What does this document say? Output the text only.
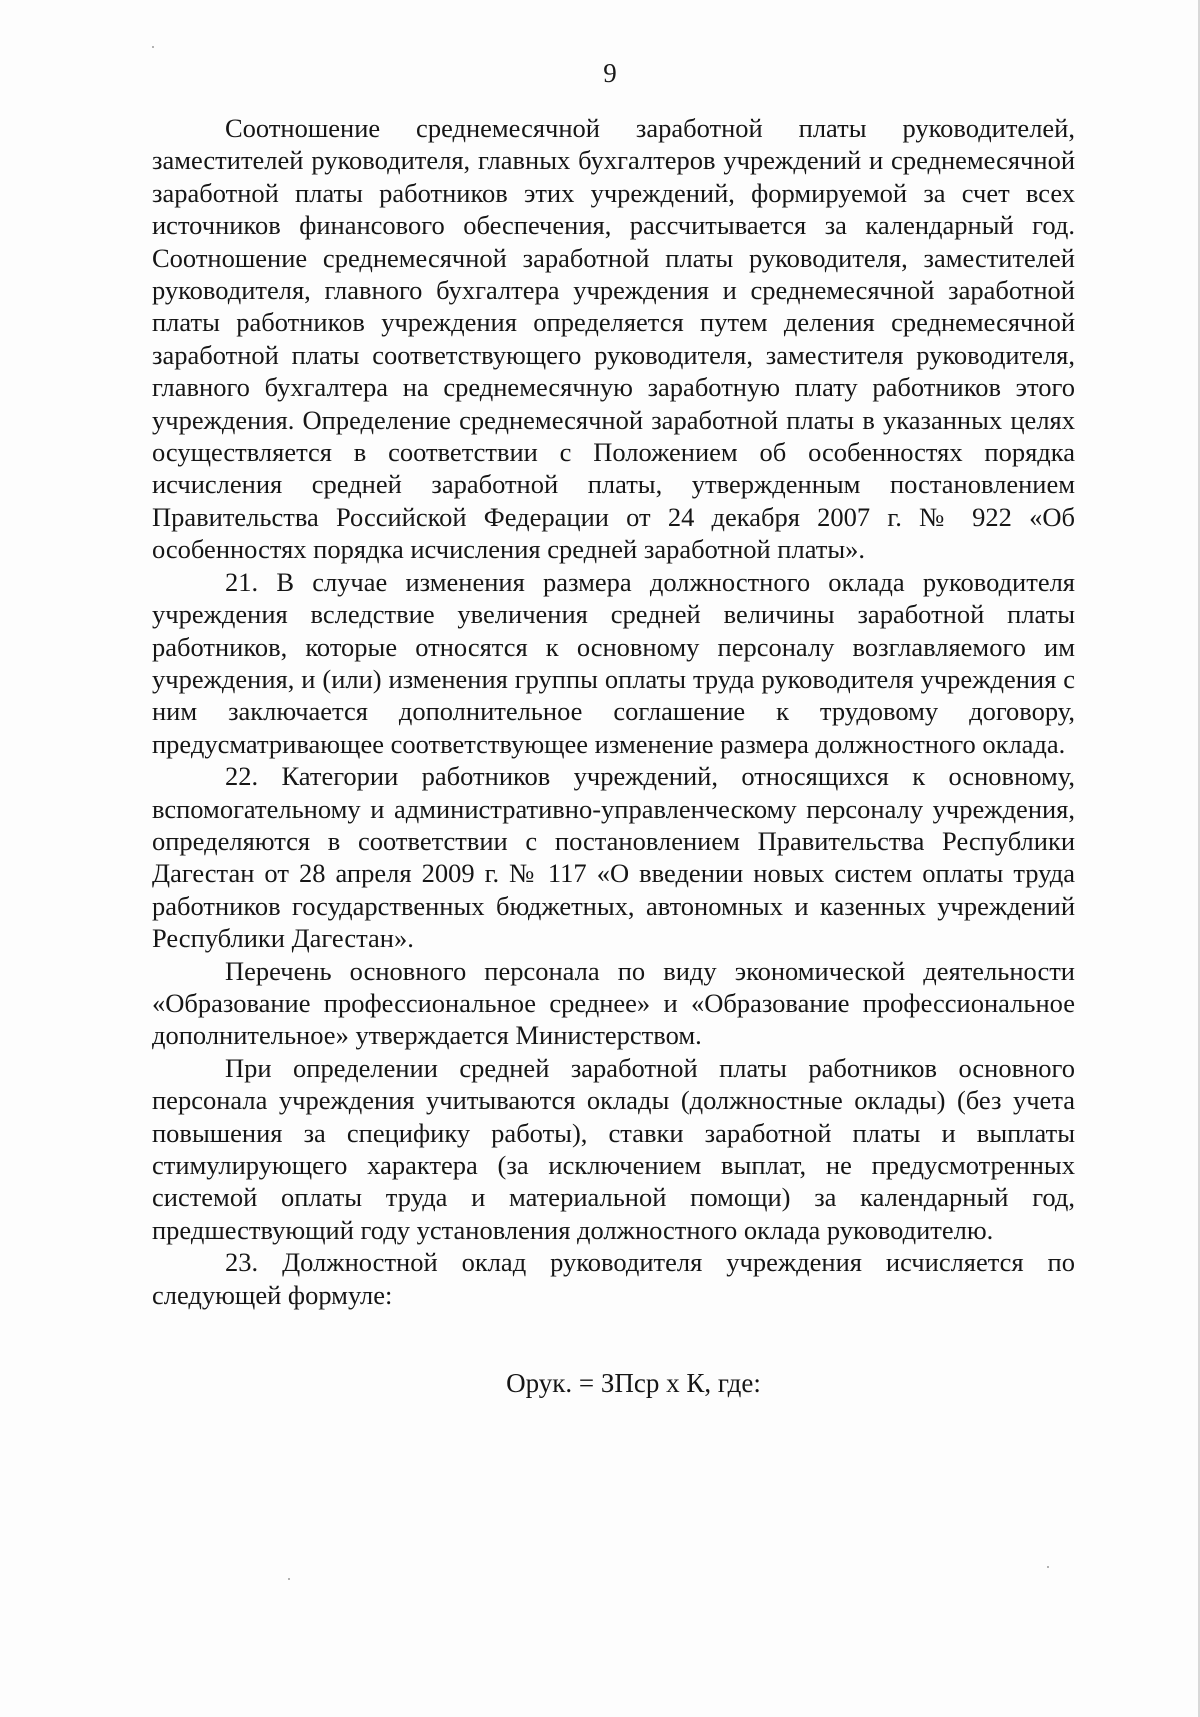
9

Соотношение среднемесячной заработной платы руководителей, заместителей руководителя, главных бухгалтеров учреждений и среднемесячной заработной платы работников этих учреждений, формируемой за счет всех источников финансового обеспечения, рассчитывается за календарный год. Соотношение среднемесячной заработной платы руководителя, заместителей руководителя, главного бухгалтера учреждения и среднемесячной заработной платы работников учреждения определяется путем деления среднемесячной заработной платы соответствующего руководителя, заместителя руководителя, главного бухгалтера на среднемесячную заработную плату работников этого учреждения. Определение среднемесячной заработной платы в указанных целях осуществляется в соответствии с Положением об особенностях порядка исчисления средней заработной платы, утвержденным постановлением Правительства Российской Федерации от 24 декабря 2007 г. № 922 «Об особенностях порядка исчисления средней заработной платы».

21. В случае изменения размера должностного оклада руководителя учреждения вследствие увеличения средней величины заработной платы работников, которые относятся к основному персоналу возглавляемого им учреждения, и (или) изменения группы оплаты труда руководителя учреждения с ним заключается дополнительное соглашение к трудовому договору, предусматривающее соответствующее изменение размера должностного оклада.

22. Категории работников учреждений, относящихся к основному, вспомогательному и административно-управленческому персоналу учреждения, определяются в соответствии с постановлением Правительства Республики Дагестан от 28 апреля 2009 г. № 117 «О введении новых систем оплаты труда работников государственных бюджетных, автономных и казенных учреждений Республики Дагестан».

Перечень основного персонала по виду экономической деятельности «Образование профессиональное среднее» и «Образование профессиональное дополнительное» утверждается Министерством.

При определении средней заработной платы работников основного персонала учреждения учитываются оклады (должностные оклады) (без учета повышения за специфику работы), ставки заработной платы и выплаты стимулирующего характера (за исключением выплат, не предусмотренных системой оплаты труда и материальной помощи) за календарный год, предшествующий году установления должностного оклада руководителю.

23. Должностной оклад руководителя учреждения исчисляется по следующей формуле:

Орук. = ЗПср х К, где:
